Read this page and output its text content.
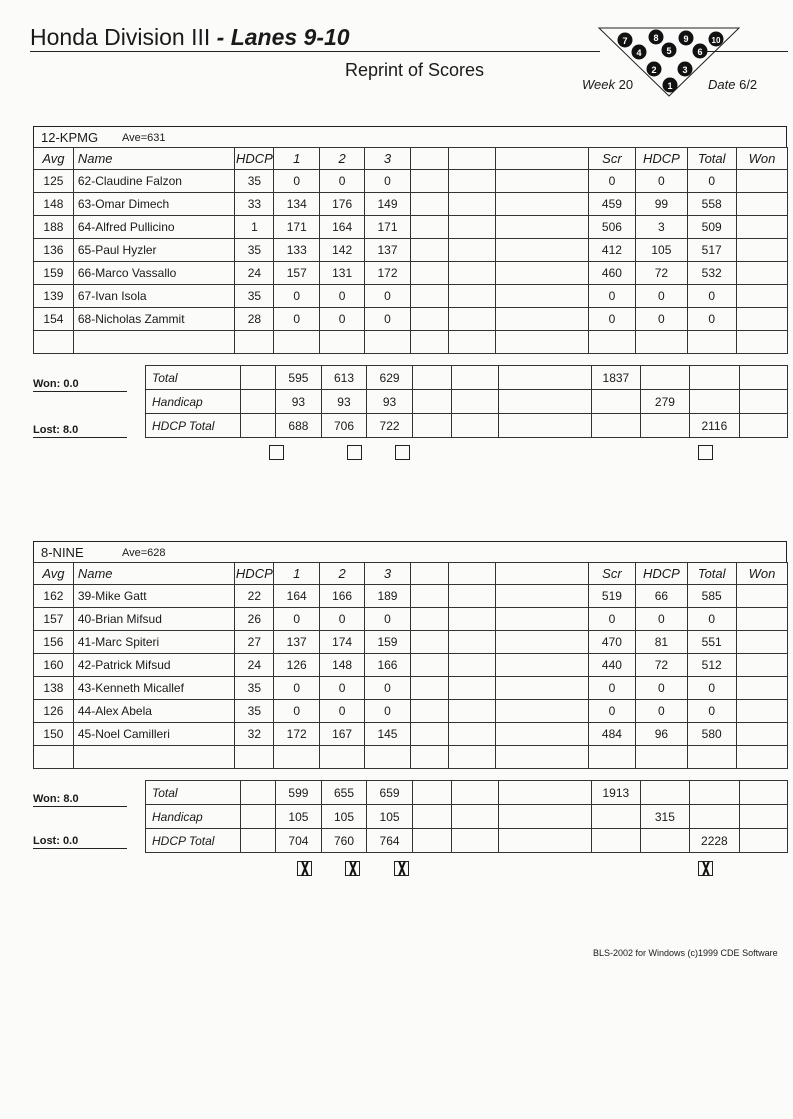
Honda Division III - Lanes 9-10
Reprint of Scores
Week 20	Date 6/2
7	8	9	10
4	5	6
2	3
1
12-KPMG Ave=631
Avg	Name	HDCP	1	2	3				Scr	HDCP	Total	Won
125	62-Claudine Falzon	35	0	0	0				0	0	0	
148	63-Omar Dimech	33	134	176	149				459	99	558	
188	64-Alfred Pullicino	1	171	164	171				506	3	509	
136	65-Paul Hyzler	35	133	142	137				412	105	517	
159	66-Marco Vassallo	24	157	131	172				460	72	532	
139	67-Ivan Isola	35	0	0	0				0	0	0	
154	68-Nicholas Zammit	28	0	0	0				0	0	0	

Total		595	613	629				1837			
Handicap		93	93	93					279		
HDCP Total		688	706	722						2116	
Won: 0.0
Lost: 8.0
8-NINE	Ave=628
Avg	Name	HDCP	1	2	3				Scr	HDCP	Total	Won
162	39-Mike Gatt	22	164	166	189				519	66	585	
157	40-Brian Mifsud	26	0	0	0				0	0	0	
156	41-Marc Spiteri	27	137	174	159				470	81	551	
160	42-Patrick Mifsud	24	126	148	166				440	72	512	
138	43-Kenneth Micallef	35	0	0	0				0	0	0	
126	44-Alex Abela	35	0	0	0				0	0	0	
150	45-Noel Camilleri	32	172	167	145				484	96	580	

Total		599	655	659				1913			
Handicap		105	105	105					315		
HDCP Total		704	760	764						2228	
Won: 8.0
Lost: 0.0
BLS-2002 for Windows (c)1999 CDE Software
